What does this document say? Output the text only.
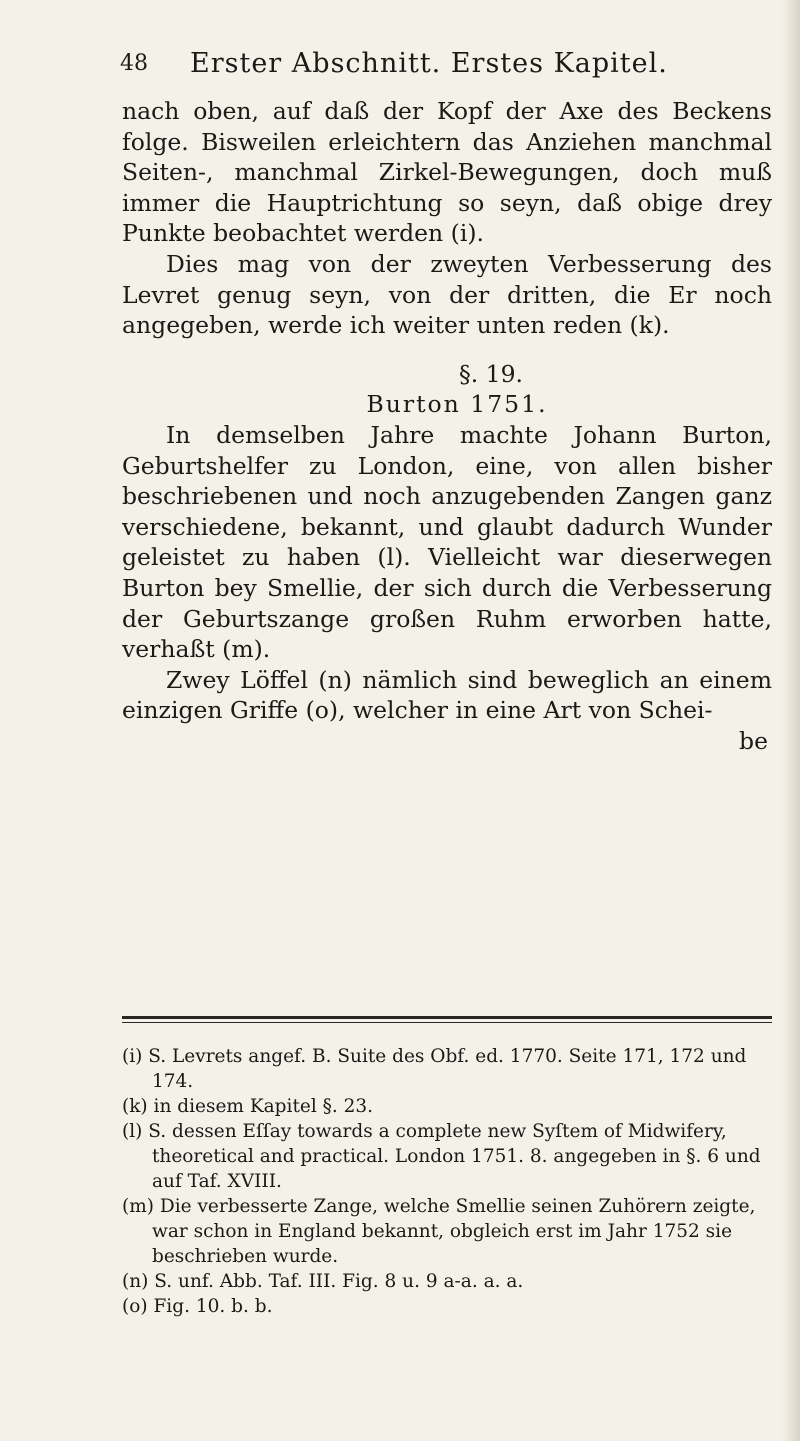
48 Erster Abschnitt. Erstes Kapitel.

nach oben, auf daß der Kopf der Axe des Beckens folge. Bisweilen erleichtern das Anziehen manchmal Seiten-, manchmal Zirkel-Bewegungen, doch muß immer die Hauptrichtung so seyn, daß obige drey Punkte beobachtet werden (i).

Dies mag von der zweyten Verbesserung des Levret genug seyn, von der dritten, die Er noch angegeben, werde ich weiter unten reden (k).

§. 19.

Burton 1751.

In demselben Jahre machte Johann Burton, Geburtshelfer zu London, eine, von allen bisher beschriebenen und noch anzugebenden Zangen ganz verschiedene, bekannt, und glaubt dadurch Wunder geleistet zu haben (l). Vielleicht war dieserwegen Burton bey Smellie, der sich durch die Verbesserung der Geburtszange großen Ruhm erworben hatte, verhaßt (m).

Zwey Löffel (n) nämlich sind beweglich an einem einzigen Griffe (o), welcher in eine Art von Schei-

be

(i) S. Levrets angef. B. Suite des Obf. ed. 1770. Seite 171, 172 und 174.

(k) in diesem Kapitel §. 23.

(l) S. dessen Eſſay towards a complete new Syſtem of Midwifery, theoretical and practical. London 1751. 8. angegeben in §. 6 und auf Taf. XVIII.

(m) Die verbesserte Zange, welche Smellie seinen Zuhörern zeigte, war schon in England bekannt, obgleich erst im Jahr 1752 sie beschrieben wurde.

(n) S. unf. Abb. Taf. III. Fig. 8 u. 9 a-a. a. a.

(o) Fig. 10. b. b.
